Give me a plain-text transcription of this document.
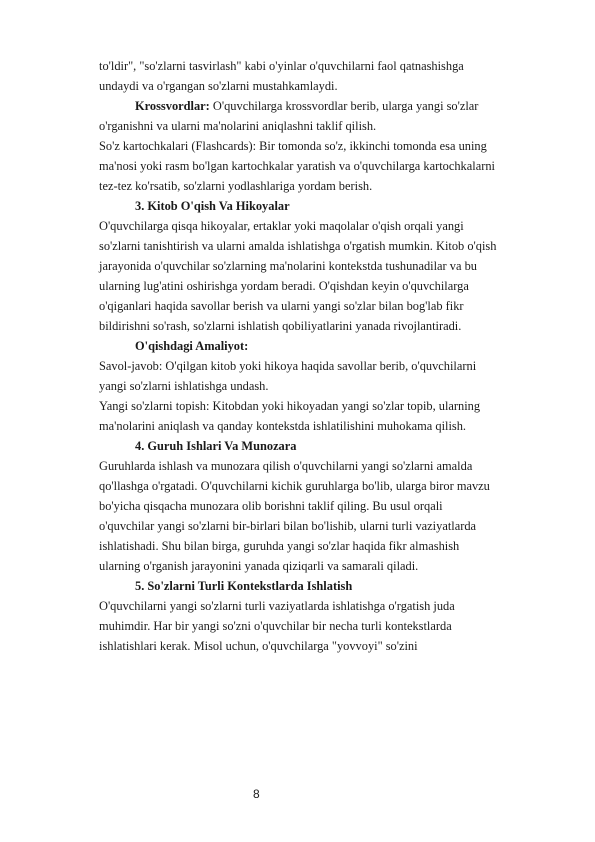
to'ldir", "so'zlarni tasvirlash" kabi o'yinlar o'quvchilarni faol qatnashishga

undaydi va o'rgangan so'zlarni mustahkamlaydi.

Krossvordlar: O'quvchilarga krossvordlar berib, ularga yangi so'zlar

o'rganishni va ularni ma'nolarini aniqlashni taklif qilish.

So'z kartochkalari (Flashcards): Bir tomonda so'z, ikkinchi tomonda esa uning

ma'nosi yoki rasm bo'lgan kartochkalar yaratish va o'quvchilarga kartochkalarni

tez-tez ko'rsatib, so'zlarni yodlashlariga yordam berish.

3. Kitob O'qish Va Hikoyalar

O'quvchilarga qisqa hikoyalar, ertaklar yoki maqolalar o'qish orqali yangi

so'zlarni tanishtirish va ularni amalda ishlatishga o'rgatish mumkin. Kitob o'qish

jarayonida o'quvchilar so'zlarning ma'nolarini kontekstda tushunadilar va bu

ularning lug'atini oshirishga yordam beradi. O'qishdan keyin o'quvchilarga

o'qiganlari haqida savollar berish va ularni yangi so'zlar bilan bog'lab fikr

bildirishni so'rash, so'zlarni ishlatish qobiliyatlarini yanada rivojlantiradi.

O'qishdagi Amaliyot:

Savol-javob: O'qilgan kitob yoki hikoya haqida savollar berib, o'quvchilarni

yangi so'zlarni ishlatishga undash.

Yangi so'zlarni topish: Kitobdan yoki hikoyadan yangi so'zlar topib, ularning

ma'nolarini aniqlash va qanday kontekstda ishlatilishini muhokama qilish.

4. Guruh Ishlari Va Munozara

Guruhlarda ishlash va munozara qilish o'quvchilarni yangi so'zlarni amalda

qo'llashga o'rgatadi. O'quvchilarni kichik guruhlarga bo'lib, ularga biror mavzu

bo'yicha qisqacha munozara olib borishni taklif qiling. Bu usul orqali

o'quvchilar yangi so'zlarni bir-birlari bilan bo'lishib, ularni turli vaziyatlarda

ishlatishadi. Shu bilan birga, guruhda yangi so'zlar haqida fikr almashish

ularning o'rganish jarayonini yanada qiziqarli va samarali qiladi.

5. So'zlarni Turli Kontekstlarda Ishlatish

O'quvchilarni yangi so'zlarni turli vaziyatlarda ishlatishga o'rgatish juda

muhimdir. Har bir yangi so'zni o'quvchilar bir necha turli kontekstlarda

ishlatishlari kerak. Misol uchun, o'quvchilarga "yovvoyi" so'zini

8
